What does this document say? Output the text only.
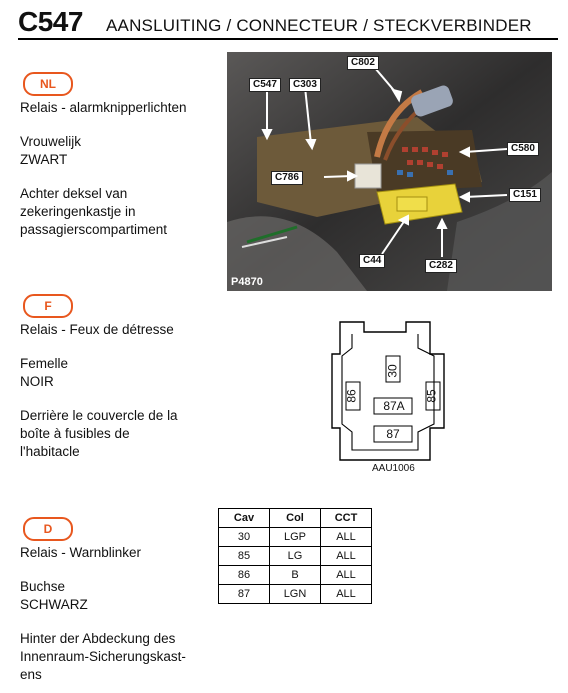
C547 AANSLUITING / CONNECTEUR / STECKVERBINDER
NL

Relais - alarmknipperlichten

Vrouwelijk

ZWART

Achter deksel van

zekeringenkastje in

passagierscompartiment

F

Relais - Feux de détresse

Femelle

NOIR

Derrière le couvercle de la

boîte à fusibles de

l'habitacle

D

Relais - Warnblinker

Buchse

SCHWARZ

Hinter der Abdeckung des

Innenraum-Sicherungskast-

ens

C547	C303
C802
C580
C786
C151
C44	C282
P4870
30
86	85
87A
87
AAU1006
Cav	Col	CCT
30	LGP	ALL
85	LG	ALL
86	B	ALL
87	LGN	ALL
